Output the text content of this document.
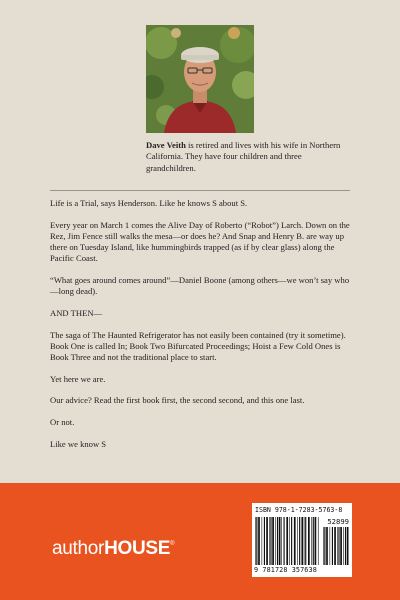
Dave Veith is retired and lives with his wife in Northern California. They have four children and three grandchildren.

Life is a Trial, says Henderson. Like he knows S about S.

Every year on March 1 comes the Alive Day of Roberto (“Robot”) Larch. Down on the Rez, Jim Fence still walks the mesa—or does he? And Snap and Henry B. are way up there on Tuesday Island, like hummingbirds trapped (as if by clear glass) along the Pacific Coast.

“What goes around comes around”—Daniel Boone (among others—we won’t say who—long dead).

AND THEN—

The saga of The Haunted Refrigerator has not easily been contained (try it sometime). Book One is called In; Book Two Bifurcated Proceedings; Hoist a Few Cold Ones is Book Three and not the traditional place to start.

Yet here we are.

Our advice? Read the first book first, the second second, and this one last.

Or not.

Like we know S

authorHOUSE®
ISBN 978-1-7283-5763-8
52899
9 781728 357638
